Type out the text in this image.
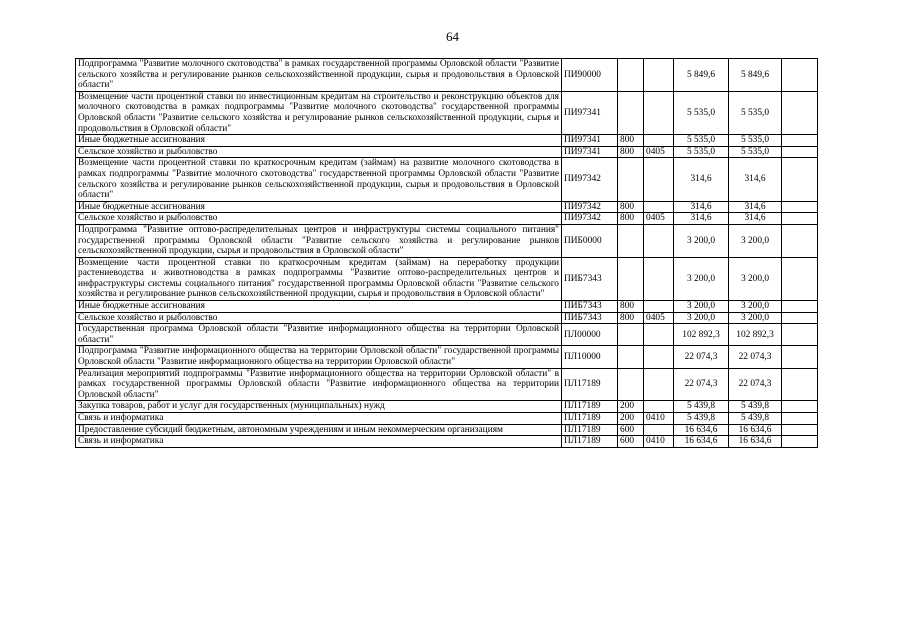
64
Подпрограмма "Развитие молочного скотоводства" в рамках государственной программы Орловской области "Развитие сельского хозяйства и регулирование рынков сельскохозяйственной продукции, сырья и продовольствия в Орловской области"	ПИ90000			5 849,6	5 849,6	
Возмещение части процентной ставки по инвестиционным кредитам на строительство и реконструкцию объектов для молочного скотоводства в рамках подпрограммы "Развитие молочного скотоводства" государственной программы Орловской области "Развитие сельского хозяйства и регулирование рынков сельскохозяйственной продукции, сырья и продовольствия в Орловской области"	ПИ97341			5 535,0	5 535,0	
Иные бюджетные ассигнования	ПИ97341	800		5 535,0	5 535,0	
Сельское хозяйство и рыболовство	ПИ97341	800	0405	5 535,0	5 535,0	
Возмещение части процентной ставки по краткосрочным кредитам (займам) на развитие молочного скотоводства в рамках подпрограммы "Развитие молочного скотоводства" государственной программы Орловской области "Развитие сельского хозяйства и регулирование рынков сельскохозяйственной продукции, сырья и продовольствия в Орловской области"	ПИ97342			314,6	314,6	
Иные бюджетные ассигнования	ПИ97342	800		314,6	314,6	
Сельское хозяйство и рыболовство	ПИ97342	800	0405	314,6	314,6	
Подпрограмма "Развитие оптово-распределительных центров и инфраструктуры системы социального питания" государственной программы Орловской области "Развитие сельского хозяйства и регулирование рынков сельскохозяйственной продукции, сырья и продовольствия в Орловской области"	ПИБ0000			3 200,0	3 200,0	
Возмещение части процентной ставки по краткосрочным кредитам (займам) на переработку продукции растениеводства и животноводства в рамках подпрограммы "Развитие оптово-распределительных центров и инфраструктуры системы социального питания" государственной программы Орловской области "Развитие сельского хозяйства и регулирование рынков сельскохозяйственной продукции, сырья и продовольствия в Орловской области"	ПИБ7343			3 200,0	3 200,0	
Иные бюджетные ассигнования	ПИБ7343	800		3 200,0	3 200,0	
Сельское хозяйство и рыболовство	ПИБ7343	800	0405	3 200,0	3 200,0	
Государственная программа Орловской области "Развитие информационного общества на территории Орловской области"	ПЛ00000			102 892,3	102 892,3	
Подпрограмма "Развитие информационного общества на территории Орловской области" государственной программы Орловской области "Развитие информационного общества на территории Орловской области"	ПЛ10000			22 074,3	22 074,3	
Реализация мероприятий подпрограммы "Развитие информационного общества на территории Орловской области" в рамках государственной программы Орловской области "Развитие информационного общества на территории Орловской области"	ПЛ17189			22 074,3	22 074,3	
Закупка товаров, работ и услуг для государственных (муниципальных) нужд	ПЛ17189	200		5 439,8	5 439,8	
Связь и информатика	ПЛ17189	200	0410	5 439,8	5 439,8	
Предоставление субсидий бюджетным, автономным учреждениям и иным некоммерческим организациям	ПЛ17189	600		16 634,6	16 634,6	
Связь и информатика	ПЛ17189	600	0410	16 634,6	16 634,6	
